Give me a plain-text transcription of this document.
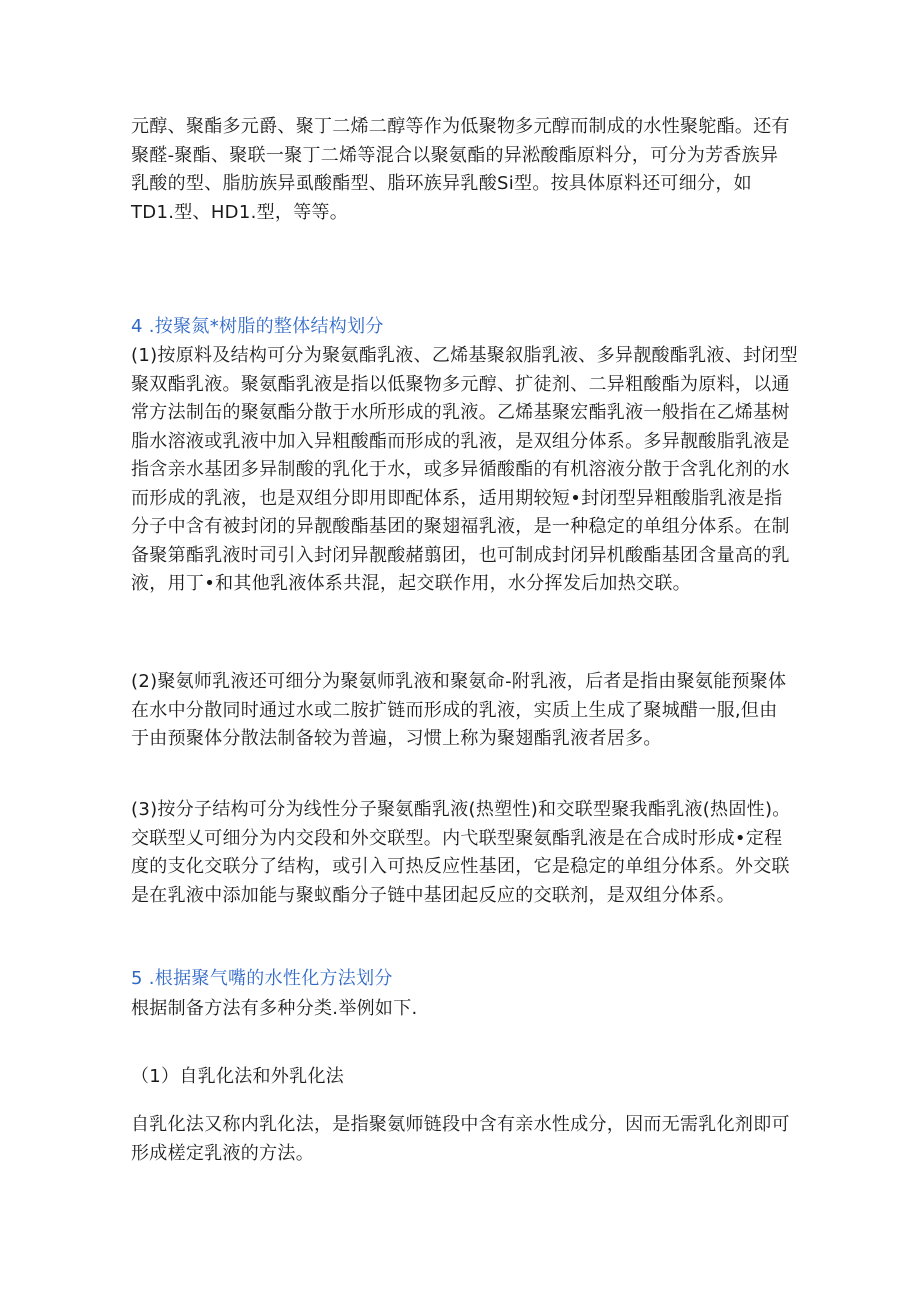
元醇、聚酯多元爵、聚丁二烯二醇等作为低聚物多元醇而制成的水性聚鸵酯。还有
聚醛-聚酯、聚联一聚丁二烯等混合以聚氨酯的异淞酸酯原料分，可分为芳香族异
乳酸的型、脂肪族异虱酸酯型、脂环族异乳酸Si型。按具体原料还可细分，如
TD1.型、HD1.型，等等。

4 .按聚氮*树脂的整体结构划分

(1)按原料及结构可分为聚氨酯乳液、乙烯基聚叙脂乳液、多异靓酸酯乳液、封闭型
聚双酯乳液。聚氨酯乳液是指以低聚物多元醇、扩徒剂、二异粗酸酯为原料，以通
常方法制缶的聚氨酯分散于水所形成的乳液。乙烯基聚宏酯乳液一般指在乙烯基树
脂水溶液或乳液中加入异粗酸酯而形成的乳液，是双组分体系。多异靓酸脂乳液是
指含亲水基团多异制酸的乳化于水，或多异循酸酯的有机溶液分散于含乳化剂的水
而形成的乳液，也是双组分即用即配体系，适用期较短•封闭型异粗酸脂乳液是指
分子中含有被封闭的异靓酸酯基团的聚翅福乳液，是一种稳定的单组分体系。在制
备聚第酯乳液时司引入封闭异靓酸赭翦团，也可制成封闭异机酸酯基团含量高的乳
液，用丁•和其他乳液体系共混，起交联作用，水分挥发后加热交联。

(2)聚氨师乳液还可细分为聚氨师乳液和聚氨命-附乳液，后者是指由聚氨能预聚体
在水中分散同时通过水或二胺扩链而形成的乳液，实质上生成了聚城醋一服,但由
于由预聚体分散法制备较为普遍，习惯上称为聚翅酯乳液者居多。

(3)按分子结构可分为线性分子聚氨酯乳液(热塑性)和交联型聚我酯乳液(热固性)。
交联型乂可细分为内交段和外交联型。内弋联型聚氨酯乳液是在合成时形成•定程
度的支化交联分了结构，或引入可热反应性基团，它是稳定的单组分体系。外交联
是在乳液中添加能与聚蚁酯分子链中基团起反应的交联剂，是双组分体系。

5 .根据聚气嘴的水性化方法划分

根据制备方法有多种分类.举例如下.

（1）自乳化法和外乳化法

自乳化法又称内乳化法，是指聚氨师链段中含有亲水性成分，因而无需乳化剂即可
形成槎定乳液的方法。
